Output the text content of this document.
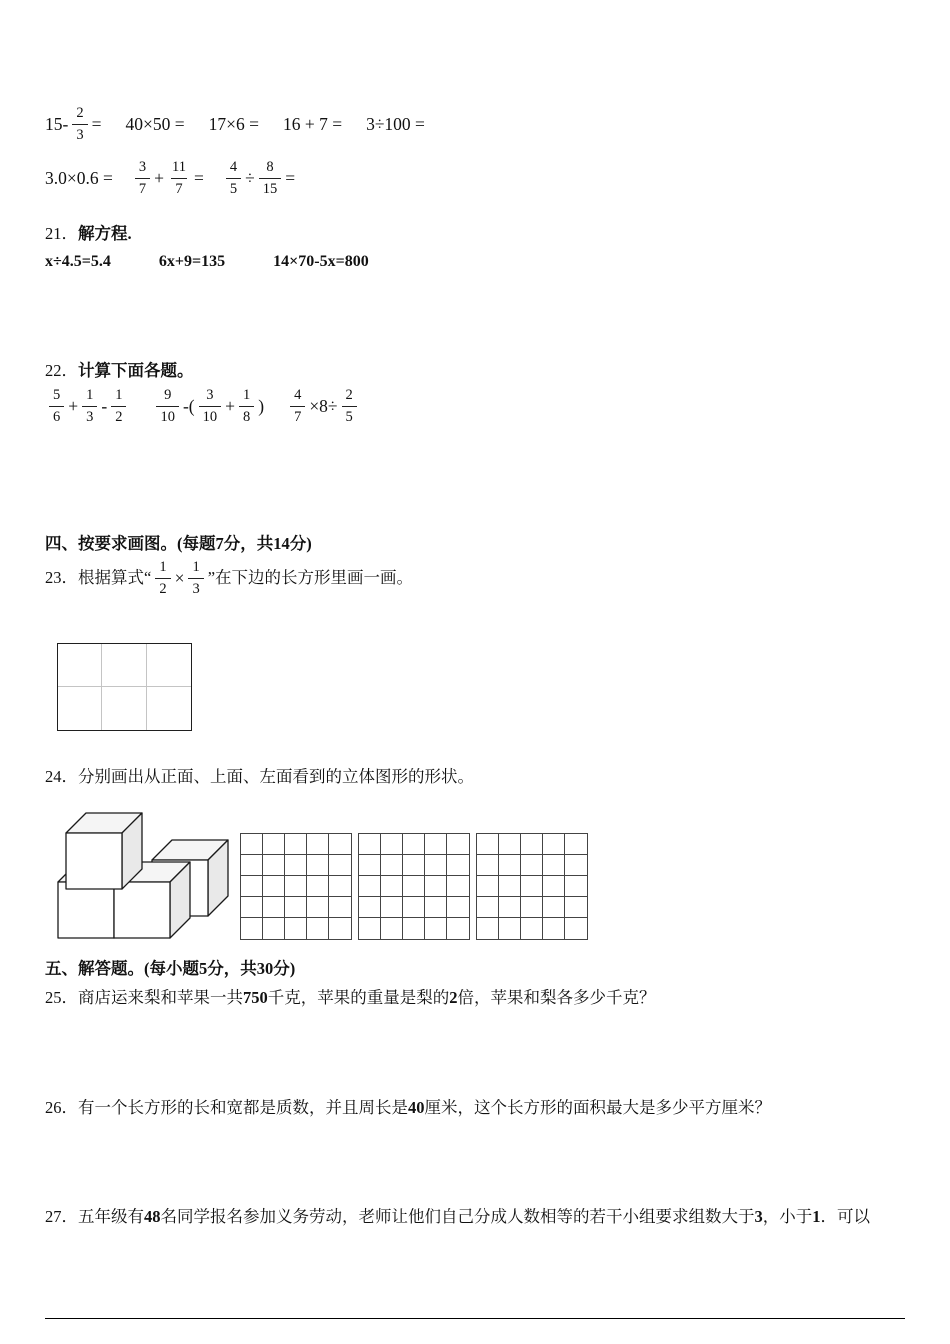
$15- \frac{2}{3} = 40\times 50 = 17\times 6 = 16 + 7 = 3\div 100$ =
$3.0\times 0.6 = \frac{3}{7} + \frac{11}{7} = \frac{4}{5} \div \frac{8}{15}$ =
21．解方程.
x÷4.5=5.4	6x+9=135	14×70-5x=800
22．计算下面各题。
$\frac{5}{6} + \frac{1}{3} - \frac{1}{2} \frac{9}{10}$ -( $\frac{3}{10} + \frac{1}{8}$ ) $\frac{4}{7} \times 8\div \frac{2}{5}$
四、按要求画图。(每题7分，共14分)
23．根据算式“ $\frac{1}{2} \times \frac{1}{3}$ ”在下边的长方形里画一画。
24．分别画出从正面、上面、左面看到的立体图形的形状。
五、解答题。(每小题5分，共30分)
25．商店运来梨和苹果一共750千克，苹果的重量是梨的2倍，苹果和梨各多少千克？
26．有一个长方形的长和宽都是质数，并且周长是40厘米，这个长方形的面积最大是多少平方厘米？
27．五年级有48名同学报名参加义务劳动，老师让他们自己分成人数相等的若干小组要求组数大于3，小于1．可以
